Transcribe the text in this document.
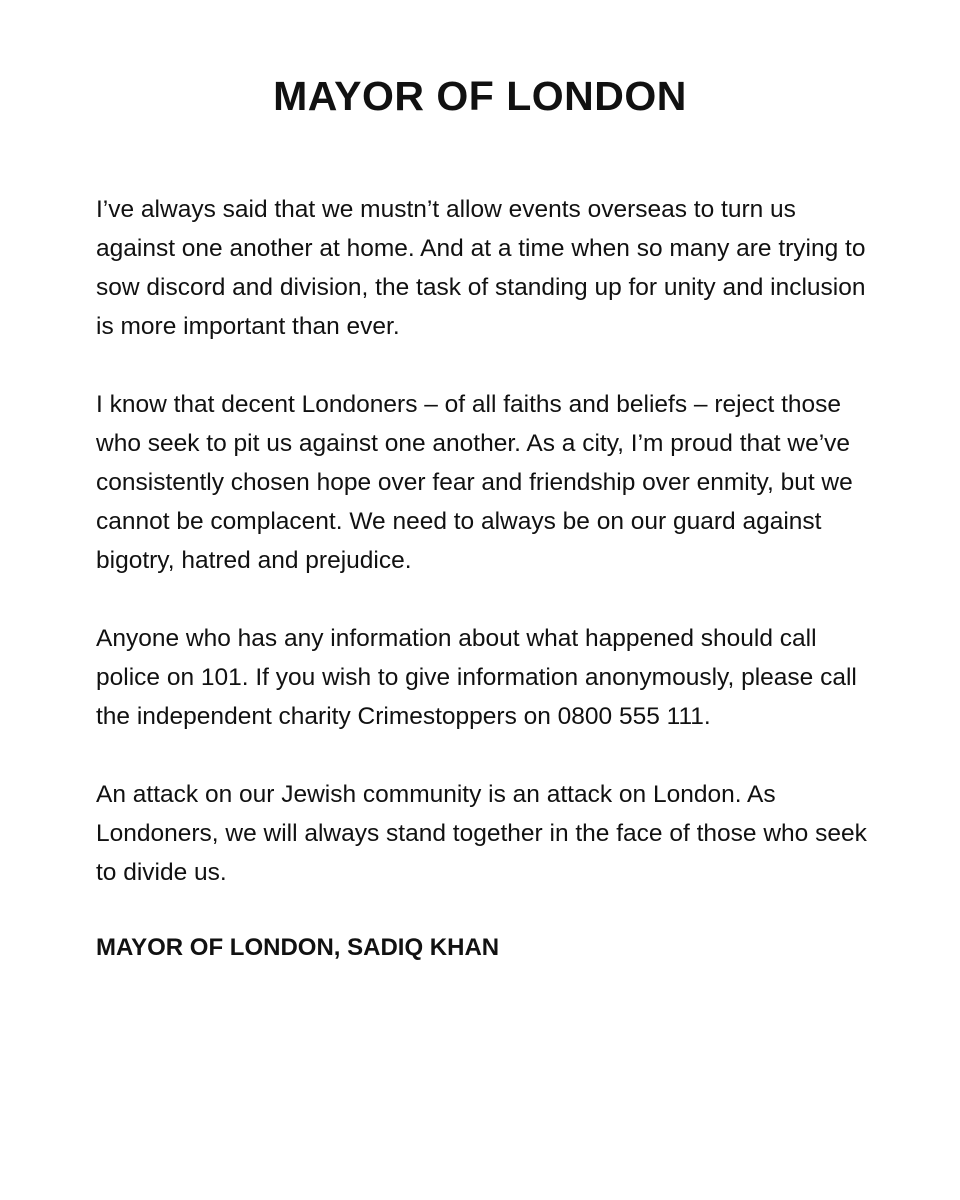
MAYOR OF LONDON

I’ve always said that we mustn’t allow events overseas to turn us against one another at home. And at a time when so many are trying to sow discord and division, the task of standing up for unity and inclusion is more important than ever.

I know that decent Londoners – of all faiths and beliefs – reject those who seek to pit us against one another. As a city, I’m proud that we’ve consistently chosen hope over fear and friendship over enmity, but we cannot be complacent. We need to always be on our guard against bigotry, hatred and prejudice.

Anyone who has any information about what happened should call police on 101. If you wish to give information anonymously, please call the independent charity Crimestoppers on 0800 555 111.

An attack on our Jewish community is an attack on London. As Londoners, we will always stand together in the face of those who seek to divide us.

MAYOR OF LONDON, SADIQ KHAN
